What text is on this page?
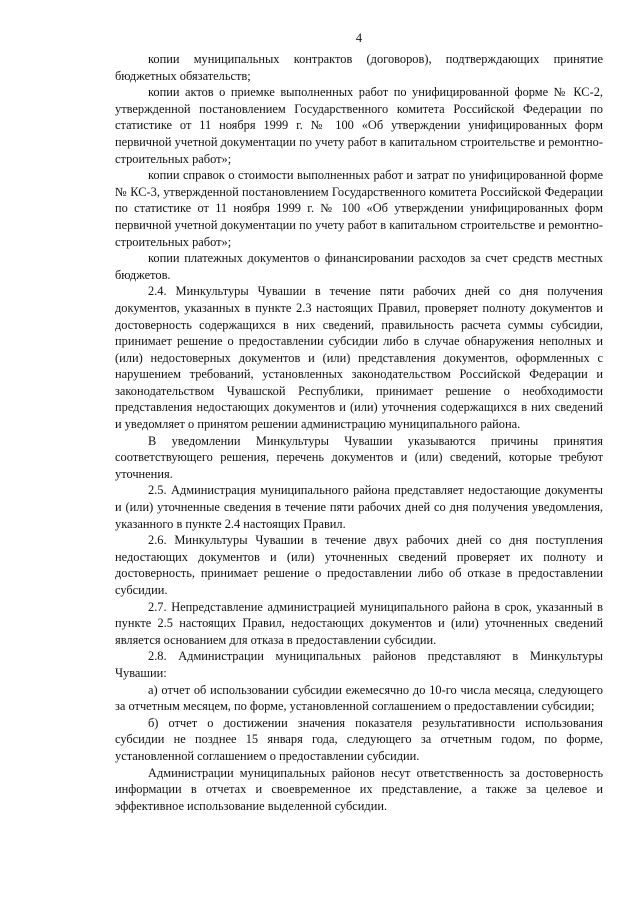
4

копии муниципальных контрактов (договоров), подтверждающих принятие бюджетных обязательств;

копии актов о приемке выполненных работ по унифицированной форме № КС-2, утвержденной постановлением Государственного комитета Российской Федерации по статистике от 11 ноября 1999 г. № 100 «Об утверждении унифицированных форм первичной учетной документации по учету работ в капитальном строительстве и ремонтно-строительных работ»;

копии справок о стоимости выполненных работ и затрат по унифицированной форме № КС-3, утвержденной постановлением Государственного комитета Российской Федерации по статистике от 11 ноября 1999 г. № 100 «Об утверждении унифицированных форм первичной учетной документации по учету работ в капитальном строительстве и ремонтно-строительных работ»;

копии платежных документов о финансировании расходов за счет средств местных бюджетов.

2.4. Минкультуры Чувашии в течение пяти рабочих дней со дня получения документов, указанных в пункте 2.3 настоящих Правил, проверяет полноту документов и достоверность содержащихся в них сведений, правильность расчета суммы субсидии, принимает решение о предоставлении субсидии либо в случае обнаружения неполных и (или) недостоверных документов и (или) представления документов, оформленных с нарушением требований, установленных законодательством Российской Федерации и законодательством Чувашской Республики, принимает решение о необходимости представления недостающих документов и (или) уточнения содержащихся в них сведений и уведомляет о принятом решении администрацию муниципального района.

В уведомлении Минкультуры Чувашии указываются причины принятия соответствующего решения, перечень документов и (или) сведений, которые требуют уточнения.

2.5. Администрация муниципального района представляет недостающие документы и (или) уточненные сведения в течение пяти рабочих дней со дня получения уведомления, указанного в пункте 2.4 настоящих Правил.

2.6. Минкультуры Чувашии в течение двух рабочих дней со дня поступления недостающих документов и (или) уточненных сведений проверяет их полноту и достоверность, принимает решение о предоставлении либо об отказе в предоставлении субсидии.

2.7. Непредставление администрацией муниципального района в срок, указанный в пункте 2.5 настоящих Правил, недостающих документов и (или) уточненных сведений является основанием для отказа в предоставлении субсидии.

2.8. Администрации муниципальных районов представляют в Минкультуры Чувашии:

а) отчет об использовании субсидии ежемесячно до 10-го числа месяца, следующего за отчетным месяцем, по форме, установленной соглашением о предоставлении субсидии;

б) отчет о достижении значения показателя результативности использования субсидии не позднее 15 января года, следующего за отчетным годом, по форме, установленной соглашением о предоставлении субсидии.

Администрации муниципальных районов несут ответственность за достоверность информации в отчетах и своевременное их представление, а также за целевое и эффективное использование выделенной субсидии.
